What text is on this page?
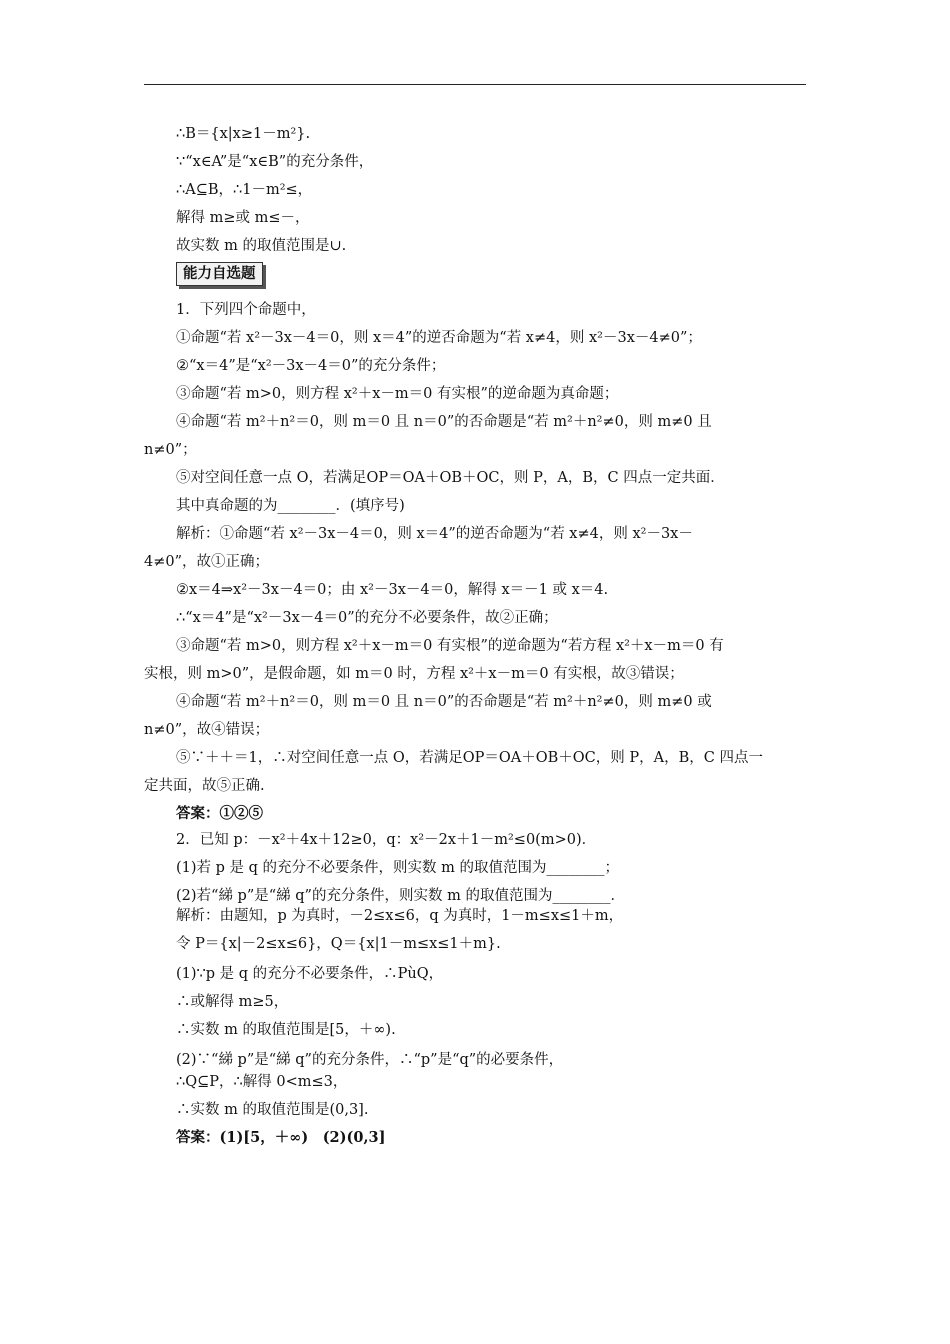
∴B＝{x|x≥1－m²}.
∵“x∈A”是“x∈B”的充分条件，
∴A⊆B，∴1－m²≤，
解得 m≥或 m≤－，
故实数 m 的取值范围是∪.
能力自选题
1．下列四个命题中，
①命题“若 x²－3x－4＝0，则 x＝4”的逆否命题为“若 x≠4，则 x²－3x－4≠0”；
②“x＝4”是“x²－3x－4＝0”的充分条件；
③命题“若 m>0，则方程 x²＋x－m＝0 有实根”的逆命题为真命题；
④命题“若 m²＋n²＝0，则 m＝0 且 n＝0”的否命题是“若 m²＋n²≠0，则 m≠0 且
n≠0”；
⑤对空间任意一点 O，若满足OP＝OA＋OB＋OC，则 P，A，B，C 四点一定共面．
其中真命题的为________．(填序号)
解析：①命题“若 x²－3x－4＝0，则 x＝4”的逆否命题为“若 x≠4，则 x²－3x－
4≠0”，故①正确；
②x＝4⇒x²－3x－4＝0；由 x²－3x－4＝0，解得 x＝－1 或 x＝4.
∴“x＝4”是“x²－3x－4＝0”的充分不必要条件，故②正确；
③命题“若 m>0，则方程 x²＋x－m＝0 有实根”的逆命题为“若方程 x²＋x－m＝0 有
实根，则 m>0”，是假命题，如 m＝0 时，方程 x²＋x－m＝0 有实根，故③错误；
④命题“若 m²＋n²＝0，则 m＝0 且 n＝0”的否命题是“若 m²＋n²≠0，则 m≠0 或
n≠0”，故④错误；
⑤∵＋＋＝1，∴对空间任意一点 O，若满足OP＝OA＋OB＋OC，则 P，A，B，C 四点一
定共面，故⑤正确.
答案：①②⑤
2．已知 p：－x²＋4x＋12≥0，q：x²－2x＋1－m²≤0(m>0)．
(1)若 p 是 q 的充分不必要条件，则实数 m 的取值范围为________；
(2)若“綈 p”是“綈 q”的充分条件，则实数 m 的取值范围为________．
解析：由题知，p 为真时，－2≤x≤6，q 为真时，1－m≤x≤1＋m，
令 P＝{x|－2≤x≤6}，Q＝{x|1－m≤x≤1＋m}.
(1)∵p 是 q 的充分不必要条件，∴PùQ，
∴或解得 m≥5，
∴实数 m 的取值范围是[5，＋∞).
(2)∵“綈 p”是“綈 q”的充分条件，∴“p”是“q”的必要条件，
∴Q⊆P，∴解得 0<m≤3，
∴实数 m 的取值范围是(0,3].
答案：(1)[5，＋∞)　(2)(0,3]
